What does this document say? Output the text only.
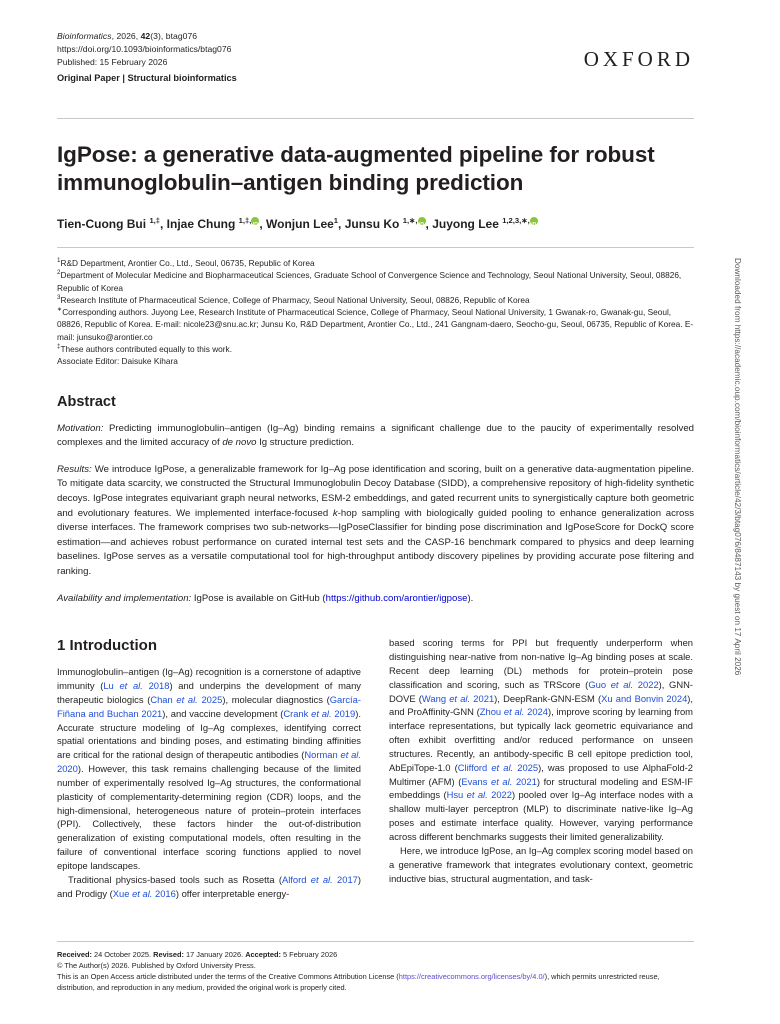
Bioinformatics, 2026, 42(3), btag076
https://doi.org/10.1093/bioinformatics/btag076
Published: 15 February 2026
Original Paper | Structural bioinformatics
OXFORD
IgPose: a generative data-augmented pipeline for robust immunoglobulin–antigen binding prediction
Tien-Cuong Bui $^{1,\ddagger}$, Injae Chung $^{1,\ddagger,}$ iD , Wonjun Lee$^1$, Junsu Ko $^{1,∗,}$ iD , Juyong Lee $^{1,2,3,∗,}$iD

$^1$R&D Department, Arontier Co., Ltd., Seoul, 06735, Republic of Korea

$^2$Department of Molecular Medicine and Biopharmaceutical Sciences, Graduate School of Convergence Science and Technology, Seoul National University, Seoul, 08826, Republic of Korea

$^3$Research Institute of Pharmaceutical Science, College of Pharmacy, Seoul National University, Seoul, 08826, Republic of Korea

∗Corresponding authors. Juyong Lee, Research Institute of Pharmaceutical Science, College of Pharmacy, Seoul National University, 1 Gwanak-ro, Gwanak-gu, Seoul, 08826, Republic of Korea. E-mail: nicole23@snu.ac.kr; Junsu Ko, R&D Department, Arontier Co., Ltd., 241 Gangnam-daero, Seocho-gu, Seoul, 06735, Republic of Korea. E-mail: junsuko@arontier.co

‡These authors contributed equally to this work.

Associate Editor: Daisuke Kihara

Abstract

Motivation: Predicting immunoglobulin–antigen (Ig–Ag) binding remains a significant challenge due to the paucity of experimentally resolved complexes and the limited accuracy of de novo Ig structure prediction.

Results: We introduce IgPose, a generalizable framework for Ig–Ag pose identification and scoring, built on a generative data-augmentation pipeline. To mitigate data scarcity, we constructed the Structural Immunoglobulin Decoy Database (SIDD), a comprehensive repository of high-fidelity synthetic decoys. IgPose integrates equivariant graph neural networks, ESM-2 embeddings, and gated recurrent units to synergistically capture both geometric and evolutionary features. We implemented interface-focused k-hop sampling with biologically guided pooling to enhance generalization across diverse interfaces. The framework comprises two sub-networks—IgPoseClassifier for binding pose discrimination and IgPoseScore for DockQ score estimation—and achieves robust performance on curated internal test sets and the CASP-16 benchmark compared to physics and deep learning baselines. IgPose serves as a versatile computational tool for high-throughput antibody discovery pipelines by providing accurate pose filtering and ranking.

Availability and implementation: IgPose is available on GitHub (https://github.com/arontier/igpose).

1 Introduction

Immunoglobulin–antigen (Ig–Ag) recognition is a cornerstone of adaptive immunity (Lu et al. 2018) and underpins the development of many therapeutic biologics (Chan et al. 2025), molecular diagnostics (García-Fiñana and Buchan 2021), and vaccine development (Crank et al. 2019). Accurate structure modeling of Ig–Ag complexes, identifying correct spatial orientations and binding poses, and estimating binding affinities are critical for the rational design of therapeutic antibodies (Norman et al. 2020). However, this task remains challenging because of the limited number of experimentally resolved Ig–Ag structures, the conformational plasticity of complementarity-determining region (CDR) loops, and the high-dimensional, heterogeneous nature of protein–protein interfaces (PPI). Collectively, these factors hinder the out-of-distribution generalization of existing computational models, often resulting in the failure of conventional interface scoring functions applied to novel epitope landscapes.

Traditional physics-based tools such as Rosetta (Alford et al. 2017) and Prodigy (Xue et al. 2016) offer interpretable energy-

based scoring terms for PPI but frequently underperform when distinguishing near-native from non-native Ig–Ag binding poses at scale. Recent deep learning (DL) methods for protein–protein pose classification and scoring, such as TRScore (Guo et al. 2022), GNN-DOVE (Wang et al. 2021), DeepRank-GNN-ESM (Xu and Bonvin 2024), and ProAffinity-GNN (Zhou et al. 2024), improve scoring by learning from interface representations, but typically lack geometric equivariance and often exhibit overfitting and/or reduced performance on unseen structures. Recently, an antibody-specific B cell epitope prediction tool, AbEpiTope-1.0 (Clifford et al. 2025), was proposed to use AlphaFold-2 Multimer (AFM) (Evans et al. 2021) for structural modeling and ESM-IF embeddings (Hsu et al. 2022) pooled over Ig–Ag interface nodes with a shallow multi-layer perceptron (MLP) to discriminate native-like Ig–Ag poses and estimate interface quality. However, varying performance across different benchmarks suggests their limited generalizability.

Here, we introduce IgPose, an Ig–Ag complex scoring model based on a generative framework that integrates evolutionary context, geometric inductive bias, structural augmentation, and task-

Received: 24 October 2025. Revised: 17 January 2026. Accepted: 5 February 2026
© The Author(s) 2026. Published by Oxford University Press.
This is an Open Access article distributed under the terms of the Creative Commons Attribution License (https://creativecommons.org/licenses/by/4.0/), which permits unrestricted reuse, distribution, and reproduction in any medium, provided the original work is properly cited.
Downloaded from https://academic.oup.com/bioinformatics/article/42/3/btag076/8487143 by guest on 17 April 2026
